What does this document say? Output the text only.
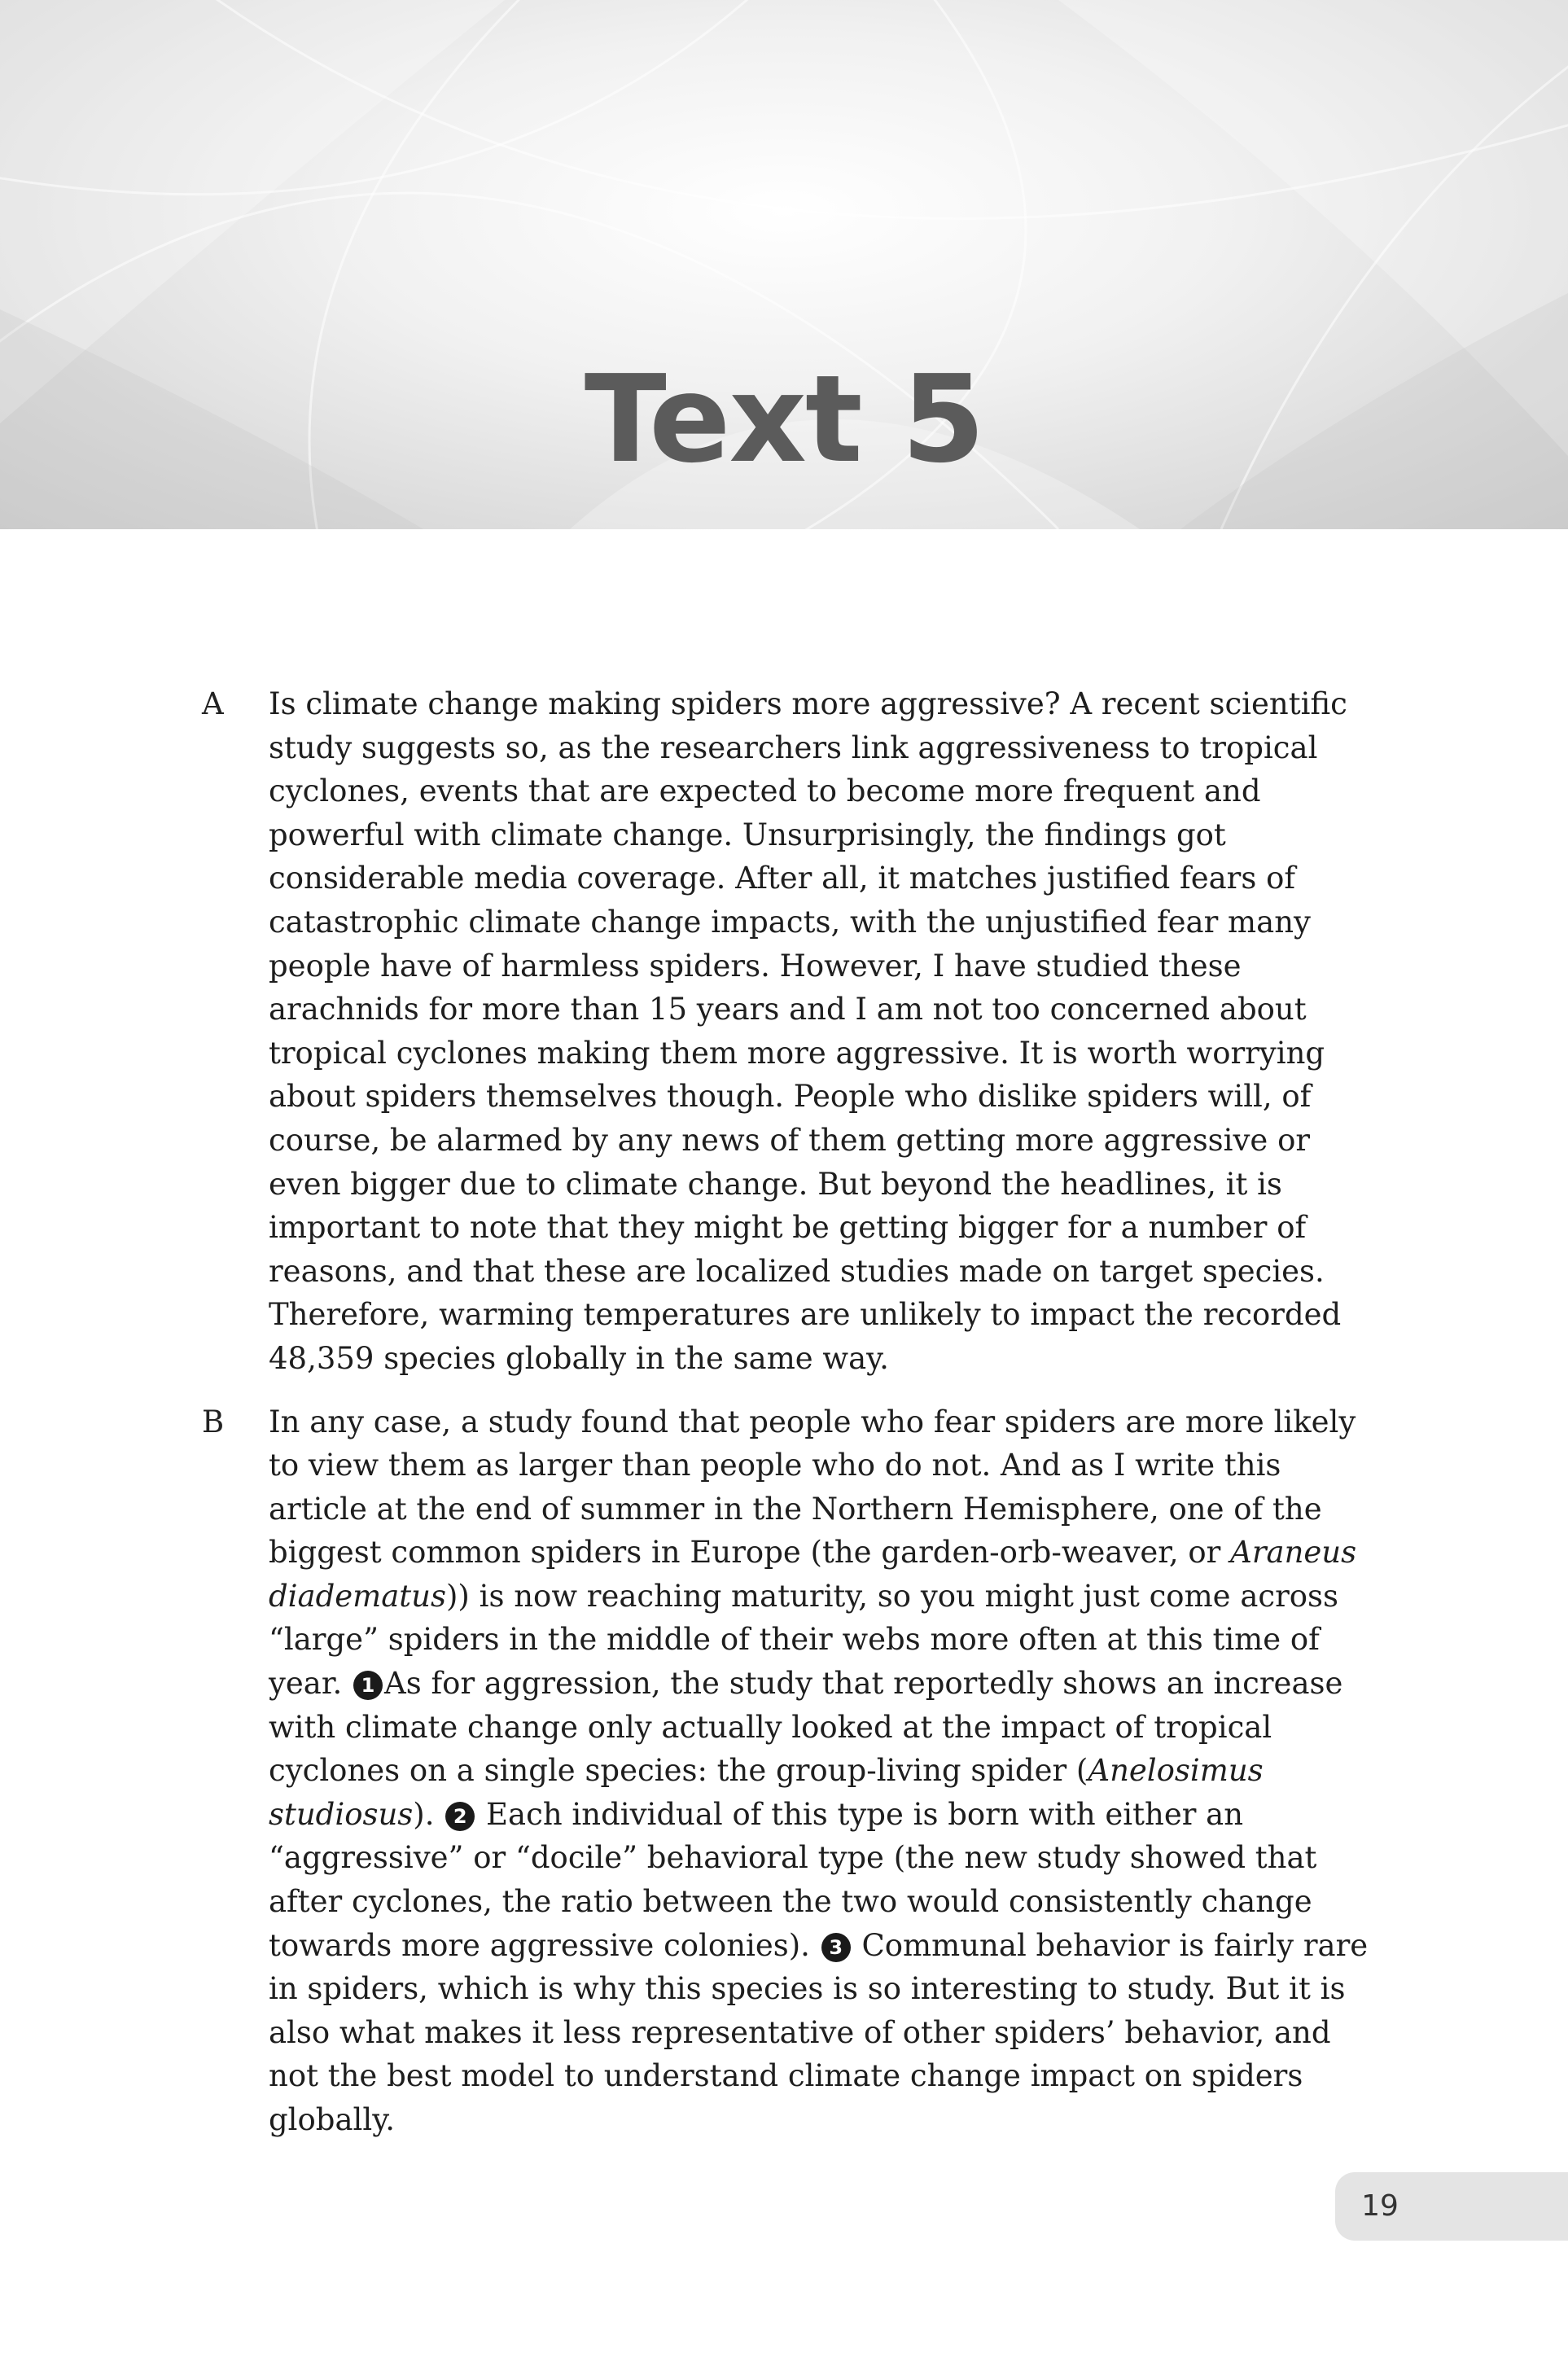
Text 5
A	Is climate change making spiders more aggressive? A recent scientific study suggests so, as the researchers link aggressiveness to tropical cyclones, events that are expected to become more frequent and powerful with climate change. Unsurprisingly, the findings got considerable media coverage. After all, it matches justified fears of catastrophic climate change impacts, with the unjustified fear many people have of harmless spiders. However, I have studied these arachnids for more than 15 years and I am not too concerned about tropical cyclones making them more aggressive. It is worth worrying about spiders themselves though. People who dislike spiders will, of course, be alarmed by any news of them getting more aggressive or even bigger due to climate change. But beyond the headlines, it is important to note that they might be getting bigger for a number of reasons, and that these are localized studies made on target species. Therefore, warming temperatures are unlikely to impact the recorded 48,359 species globally in the same way.

B	In any case, a study found that people who fear spiders are more likely to view them as larger than people who do not. And as I write this article at the end of summer in the Northern Hemisphere, one of the biggest common spiders in Europe (the garden-orb-weaver, or Araneus diadematus)) is now reaching maturity, so you might just come across “large” spiders in the middle of their webs more often at this time of year. 1 As for aggression, the study that reportedly shows an increase with climate change only actually looked at the impact of tropical cyclones on a single species: the group-living spider (Anelosimus studiosus). 2 Each individual of this type is born with either an “aggressive” or “docile” behavioral type (the new study showed that after cyclones, the ratio between the two would consistently change towards more aggressive colonies). 3 Communal behavior is fairly rare in spiders, which is why this species is so interesting to study. But it is also what makes it less representative of other spiders’ behavior, and not the best model to understand climate change impact on spiders globally.

19
